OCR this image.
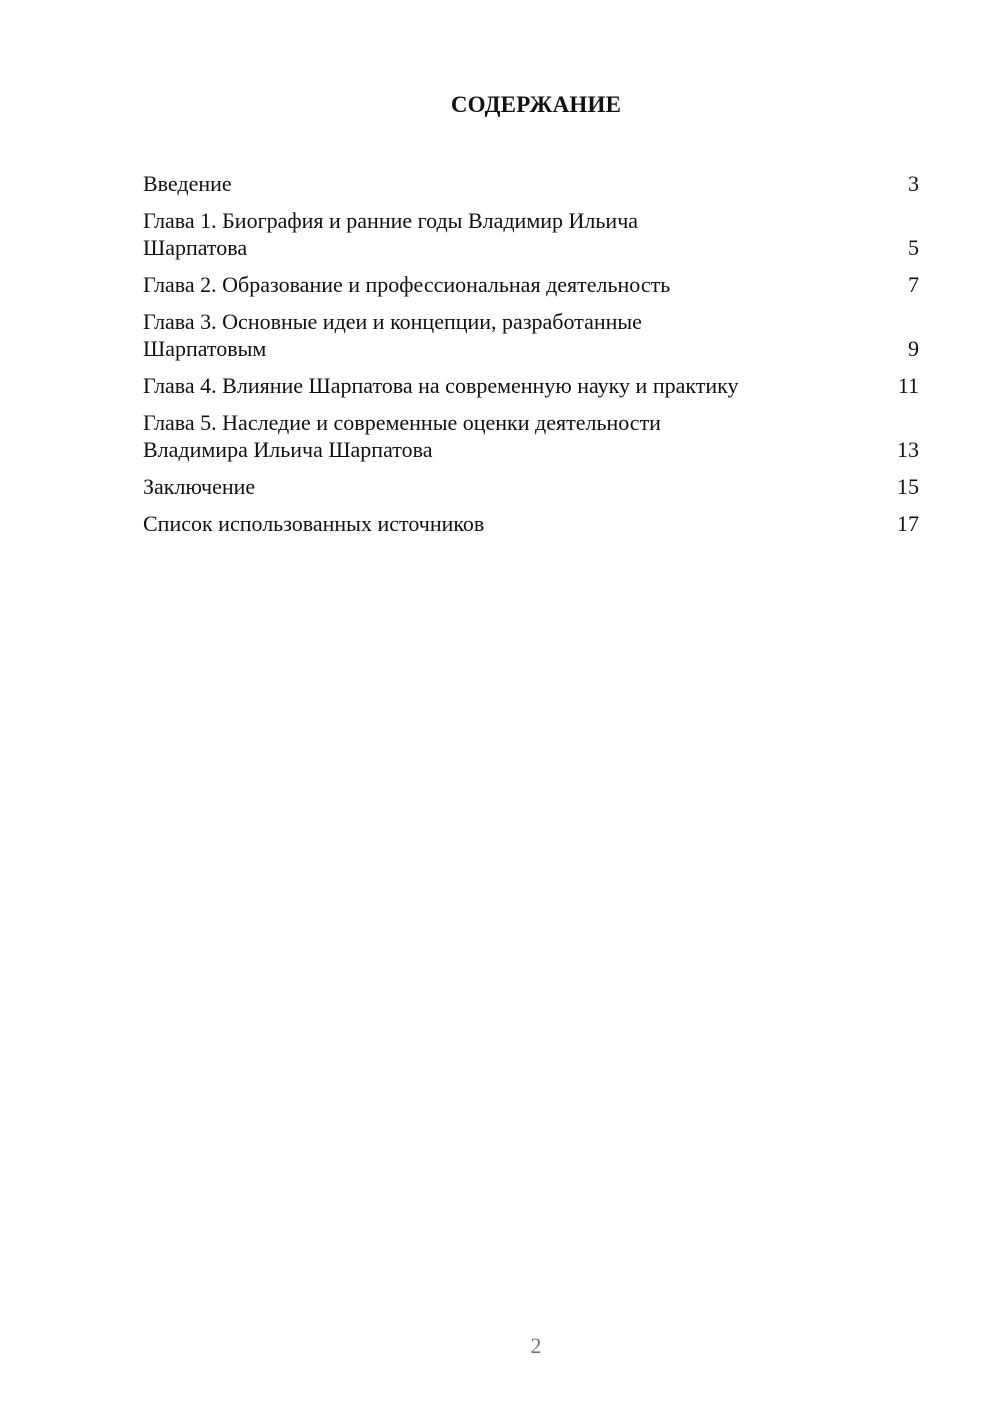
СОДЕРЖАНИЕ
Введение	3
Глава 1. Биография и ранние годы Владимир Ильича
Шарпатова	5
Глава 2. Образование и профессиональная деятельность	7
Глава 3. Основные идеи и концепции, разработанные
Шарпатовым	9
Глава 4. Влияние Шарпатова на современную науку и практику	11
Глава 5. Наследие и современные оценки деятельности
Владимира Ильича Шарпатова	13
Заключение	15
Список использованных источников	17
2
